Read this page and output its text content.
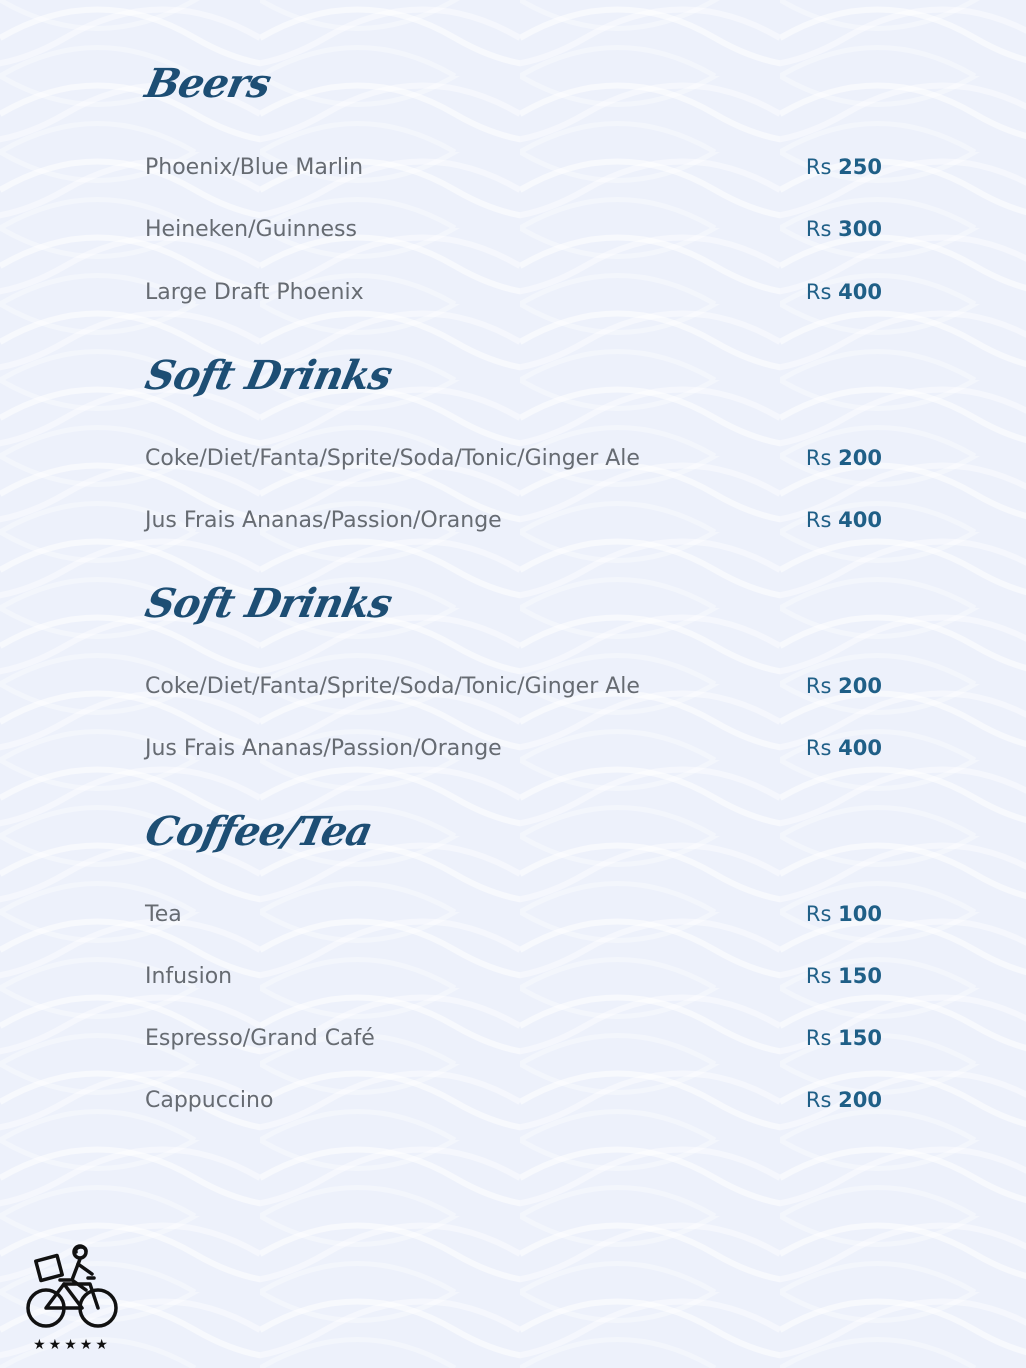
Beers
Phoenix/Blue Marlin	Rs 250
Heineken/Guinness	Rs 300
Large Draft Phoenix	Rs 400
Soft Drinks
Coke/Diet/Fanta/Sprite/Soda/Tonic/Ginger Ale	Rs 200
Jus Frais Ananas/Passion/Orange	Rs 400
Soft Drinks
Coke/Diet/Fanta/Sprite/Soda/Tonic/Ginger Ale	Rs 200
Jus Frais Ananas/Passion/Orange	Rs 400
Coffee/Tea
Tea	Rs 100
Infusion	Rs 150
Espresso/Grand Café	Rs 150
Cappuccino	Rs 200
★★★★★
